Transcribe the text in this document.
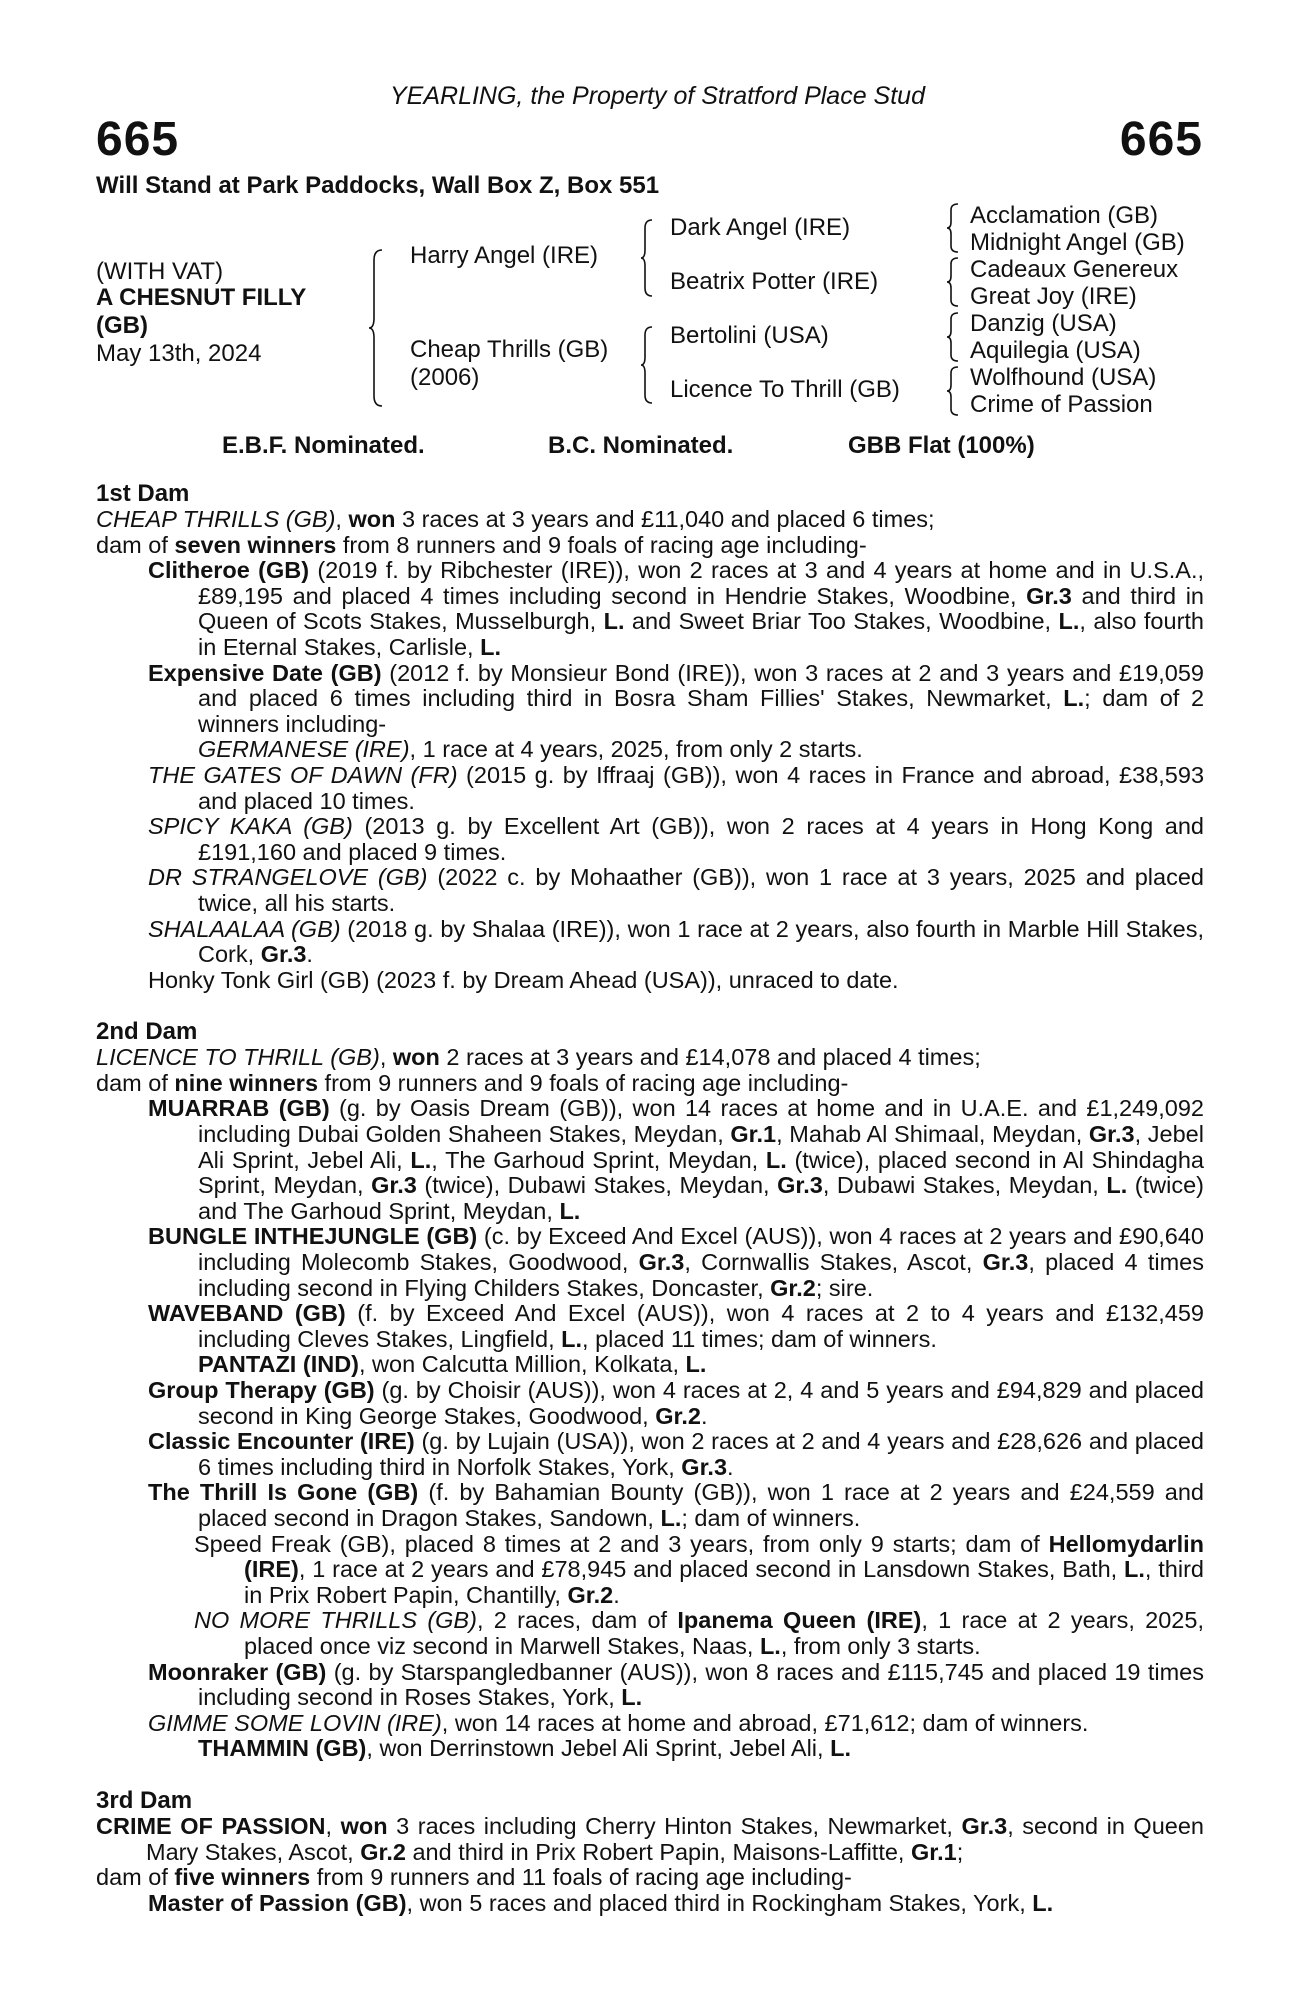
YEARLING, the Property of Stratford Place Stud
665	665
Will Stand at Park Paddocks, Wall Box Z, Box 551
(WITH VAT)
A CHESNUT FILLY
(GB)
May 13th, 2024
Harry Angel (IRE)
Cheap Thrills (GB)
(2006)
Dark Angel (IRE)
Beatrix Potter (IRE)
Bertolini (USA)
Licence To Thrill (GB)
Acclamation (GB)
Midnight Angel (GB)
Cadeaux Genereux
Great Joy (IRE)
Danzig (USA)
Aquilegia (USA)
Wolfhound (USA)
Crime of Passion
E.B.F. Nominated.	B.C. Nominated.	GBB Flat (100%)
1st Dam
CHEAP THRILLS (GB), won 3 races at 3 years and £11,040 and placed 6 times;
dam of seven winners from 8 runners and 9 foals of racing age including-
Clitheroe (GB) (2019 f. by Ribchester (IRE)), won 2 races at 3 and 4 years at home and in U.S.A., £89,195 and placed 4 times including second in Hendrie Stakes, Woodbine, Gr.3 and third in Queen of Scots Stakes, Musselburgh, L. and Sweet Briar Too Stakes, Woodbine, L., also fourth in Eternal Stakes, Carlisle, L.
Expensive Date (GB) (2012 f. by Monsieur Bond (IRE)), won 3 races at 2 and 3 years and £19,059 and placed 6 times including third in Bosra Sham Fillies' Stakes, Newmarket, L.; dam of 2 winners including-
GERMANESE (IRE), 1 race at 4 years, 2025, from only 2 starts.
THE GATES OF DAWN (FR) (2015 g. by Iffraaj (GB)), won 4 races in France and abroad, £38,593 and placed 10 times.
SPICY KAKA (GB) (2013 g. by Excellent Art (GB)), won 2 races at 4 years in Hong Kong and £191,160 and placed 9 times.
DR STRANGELOVE (GB) (2022 c. by Mohaather (GB)), won 1 race at 3 years, 2025 and placed twice, all his starts.
SHALAALAA (GB) (2018 g. by Shalaa (IRE)), won 1 race at 2 years, also fourth in Marble Hill Stakes, Cork, Gr.3.
Honky Tonk Girl (GB) (2023 f. by Dream Ahead (USA)), unraced to date.
2nd Dam
LICENCE TO THRILL (GB), won 2 races at 3 years and £14,078 and placed 4 times;
dam of nine winners from 9 runners and 9 foals of racing age including-
MUARRAB (GB) (g. by Oasis Dream (GB)), won 14 races at home and in U.A.E. and £1,249,092 including Dubai Golden Shaheen Stakes, Meydan, Gr.1, Mahab Al Shimaal, Meydan, Gr.3, Jebel Ali Sprint, Jebel Ali, L., The Garhoud Sprint, Meydan, L. (twice), placed second in Al Shindagha Sprint, Meydan, Gr.3 (twice), Dubawi Stakes, Meydan, Gr.3, Dubawi Stakes, Meydan, L. (twice) and The Garhoud Sprint, Meydan, L.
BUNGLE INTHEJUNGLE (GB) (c. by Exceed And Excel (AUS)), won 4 races at 2 years and £90,640 including Molecomb Stakes, Goodwood, Gr.3, Cornwallis Stakes, Ascot, Gr.3, placed 4 times including second in Flying Childers Stakes, Doncaster, Gr.2; sire.
WAVEBAND (GB) (f. by Exceed And Excel (AUS)), won 4 races at 2 to 4 years and £132,459 including Cleves Stakes, Lingfield, L., placed 11 times; dam of winners.
PANTAZI (IND), won Calcutta Million, Kolkata, L.
Group Therapy (GB) (g. by Choisir (AUS)), won 4 races at 2, 4 and 5 years and £94,829 and placed second in King George Stakes, Goodwood, Gr.2.
Classic Encounter (IRE) (g. by Lujain (USA)), won 2 races at 2 and 4 years and £28,626 and placed 6 times including third in Norfolk Stakes, York, Gr.3.
The Thrill Is Gone (GB) (f. by Bahamian Bounty (GB)), won 1 race at 2 years and £24,559 and placed second in Dragon Stakes, Sandown, L.; dam of winners.
Speed Freak (GB), placed 8 times at 2 and 3 years, from only 9 starts; dam of Hellomydarlin (IRE), 1 race at 2 years and £78,945 and placed second in Lansdown Stakes, Bath, L., third in Prix Robert Papin, Chantilly, Gr.2.
NO MORE THRILLS (GB), 2 races, dam of Ipanema Queen (IRE), 1 race at 2 years, 2025, placed once viz second in Marwell Stakes, Naas, L., from only 3 starts.
Moonraker (GB) (g. by Starspangledbanner (AUS)), won 8 races and £115,745 and placed 19 times including second in Roses Stakes, York, L.
GIMME SOME LOVIN (IRE), won 14 races at home and abroad, £71,612; dam of winners.
THAMMIN (GB), won Derrinstown Jebel Ali Sprint, Jebel Ali, L.
3rd Dam
CRIME OF PASSION, won 3 races including Cherry Hinton Stakes, Newmarket, Gr.3, second in Queen Mary Stakes, Ascot, Gr.2 and third in Prix Robert Papin, Maisons-Laffitte, Gr.1;
dam of five winners from 9 runners and 11 foals of racing age including-
Master of Passion (GB), won 5 races and placed third in Rockingham Stakes, York, L.
